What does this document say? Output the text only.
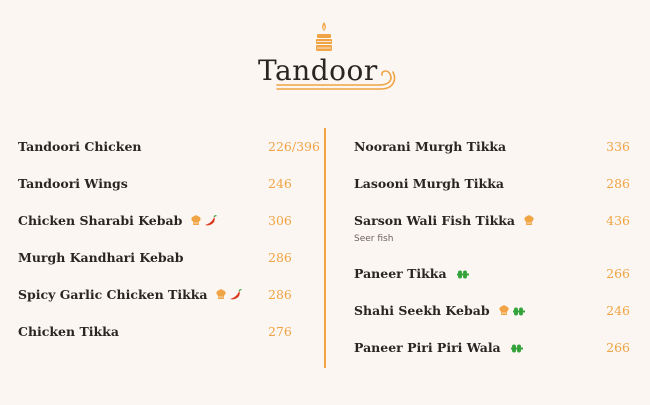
Tandoor
Tandoori Chicken	226/396
Tandoori Wings	246
Chicken Sharabi Kebab	306
Murgh Kandhari Kebab	286
Spicy Garlic Chicken Tikka	286
Chicken Tikka	276
Noorani Murgh Tikka	336
Lasooni Murgh Tikka	286
Sarson Wali Fish Tikka	436
Seer fish
Paneer Tikka	266
Shahi Seekh Kebab	246
Paneer Piri Piri Wala	266
